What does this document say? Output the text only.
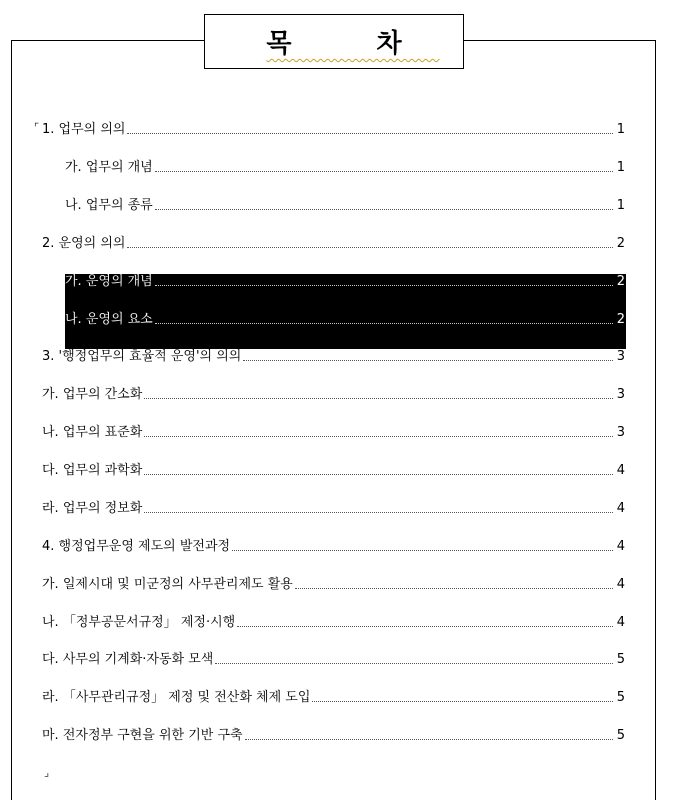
목 차
⌜ 1. 업무의 의의	1
가. 업무의 개념	1
나. 업무의 종류	1
2. 운영의 의의	2
가. 운영의 개념	2
나. 운영의 요소	2
3. '행정업무의 효율적 운영'의 의의	3
가. 업무의 간소화	3
나. 업무의 표준화	3
다. 업무의 과학화	4
라. 업무의 정보화	4
4. 행정업무운영 제도의 발전과정	4
가. 일제시대 및 미군정의 사무관리제도 활용	4
나. 「정부공문서규정」 제정·시행	4
다. 사무의 기계화·자동화 모색	5
라. 「사무관리규정」 제정 및 전산화 체제 도입	5
마. 전자정부 구현을 위한 기반 구축	5
⌟
